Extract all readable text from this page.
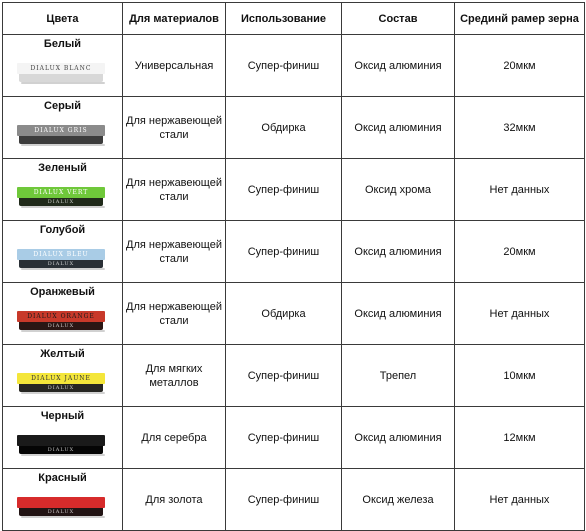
Цвета	Для материалов	Использование	Состав	Срединй рамер зерна

Белый
DIALUX BLANC	Универсальная	Супер-финиш	Оксид алюминия	20мкм

Серый
DIALUX GRIS	Для нержавеющей стали	Обдирка	Оксид алюминия	32мкм

Зеленый
DIALUX VERT
DIALUX	Для нержавеющей стали	Супер-финиш	Оксид хрома	Нет данных

Голубой
DIALUX BLEU
DIALUX	Для нержавеющей стали	Супер-финиш	Оксид алюминия	20мкм

Оранжевый
DIALUX ORANGE
DIALUX	Для нержавеющей стали	Обдирка	Оксид алюминия	Нет данных

Желтый
DIALUX JAUNE
DIALUX	Для мягких металлов	Супер-финиш	Трепел	10мкм

Черный
DIALUX	Для серебра	Супер-финиш	Оксид алюминия	12мкм

Красный
DIALUX	Для золота	Супер-финиш	Оксид железа	Нет данных
